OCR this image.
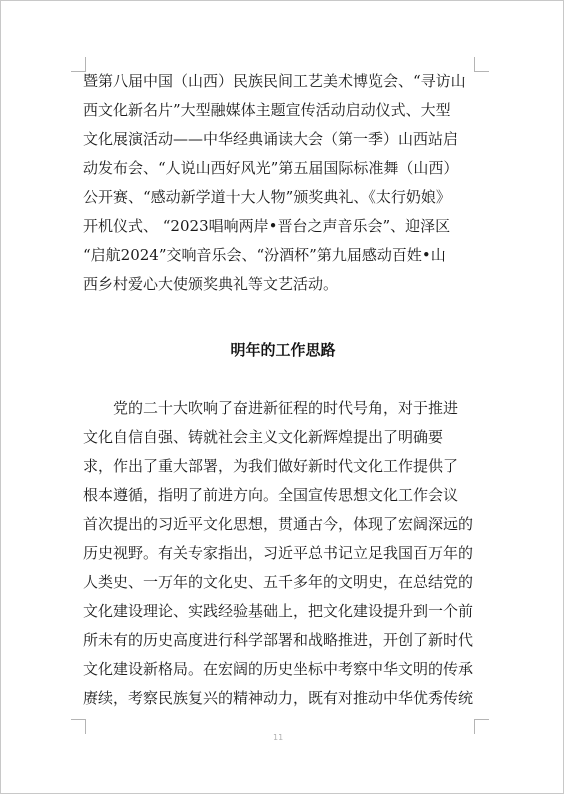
暨第八届中国（山西）民族民间工艺美术博览会、“寻访山
西文化新名片”大型融媒体主题宣传活动启动仪式、大型
文化展演活动——中华经典诵读大会（第一季）山西站启
动发布会、“人说山西好风光”第五届国际标准舞（山西）
公开赛、“感动新学道十大人物”颁奖典礼、《太行奶娘》
开机仪式、 “2023唱响两岸•晋台之声音乐会”、迎泽区
“启航2024”交响音乐会、“汾酒杯”第九届感动百姓•山
西乡村爱心大使颁奖典礼等文艺活动。
明年的工作思路
　　党的二十大吹响了奋进新征程的时代号角，对于推进
文化自信自强、铸就社会主义文化新辉煌提出了明确要
求，作出了重大部署，为我们做好新时代文化工作提供了
根本遵循，指明了前进方向。全国宣传思想文化工作会议
首次提出的习近平文化思想，贯通古今，体现了宏阔深远的
历史视野。有关专家指出，习近平总书记立足我国百万年的
人类史、一万年的文化史、五千多年的文明史，在总结党的
文化建设理论、实践经验基础上，把文化建设提升到一个前
所未有的历史高度进行科学部署和战略推进，开创了新时代
文化建设新格局。在宏阔的历史坐标中考察中华文明的传承
赓续，考察民族复兴的精神动力，既有对推动中华优秀传统
11
